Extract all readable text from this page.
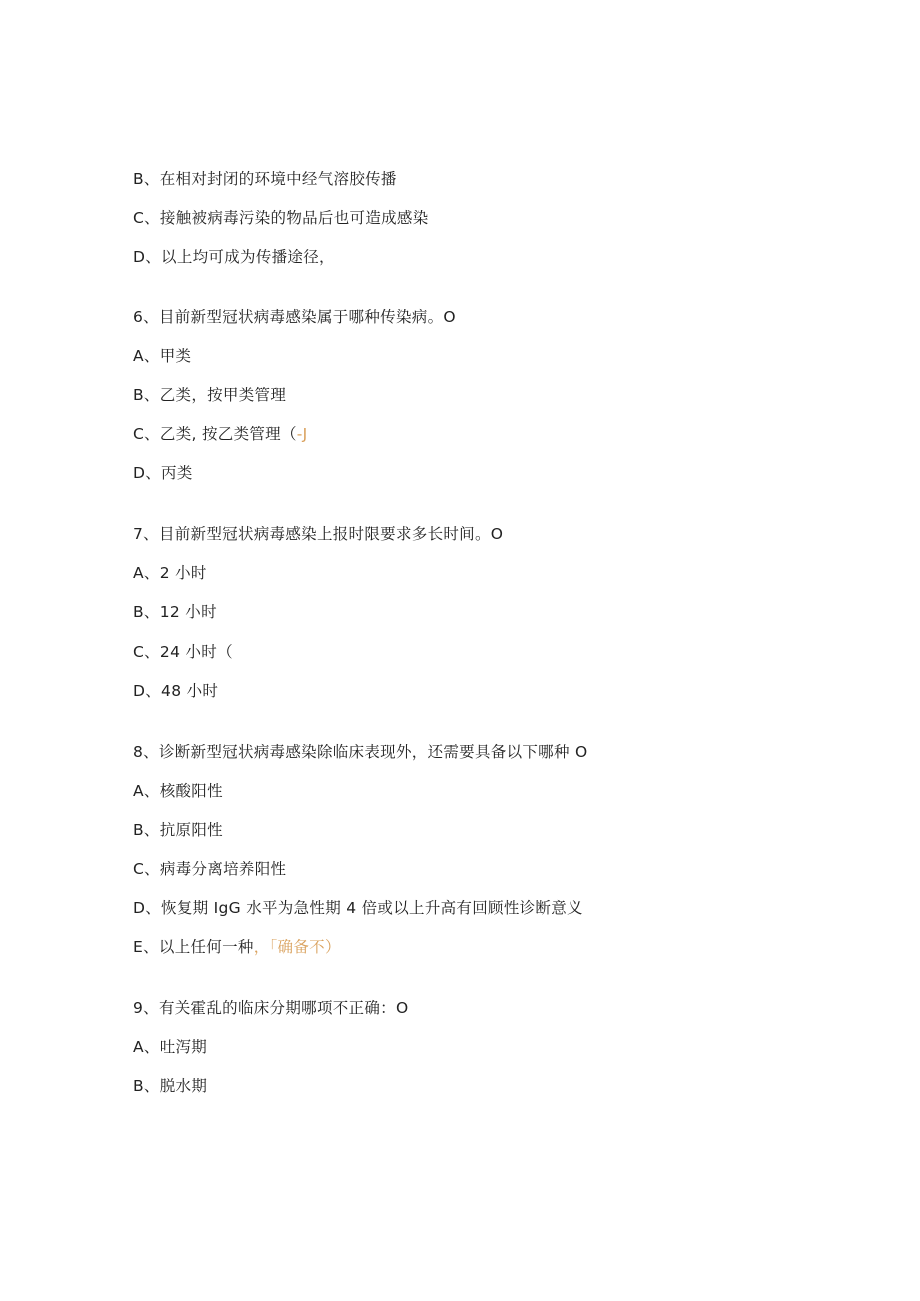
B、在相对封闭的环境中经气溶胶传播
C、接触被病毒污染的物品后也可造成感染
D、以上均可成为传播途径，
6、目前新型冠状病毒感染属于哪种传染病。O
A、甲类
B、乙类，按甲类管理
C、乙类, 按乙类管理（-J
D、丙类
7、目前新型冠状病毒感染上报时限要求多长时间。O
A、2 小时
B、12 小时
C、24 小时（
D、48 小时
8、诊断新型冠状病毒感染除临床表现外，还需要具备以下哪种 O
A、核酸阳性
B、抗原阳性
C、病毒分离培养阳性
D、恢复期 IgG 水平为急性期 4 倍或以上升高有回顾性诊断意义
E、以上任何一种，「确备不）
9、有关霍乱的临床分期哪项不正确：O
A、吐泻期
B、脱水期
